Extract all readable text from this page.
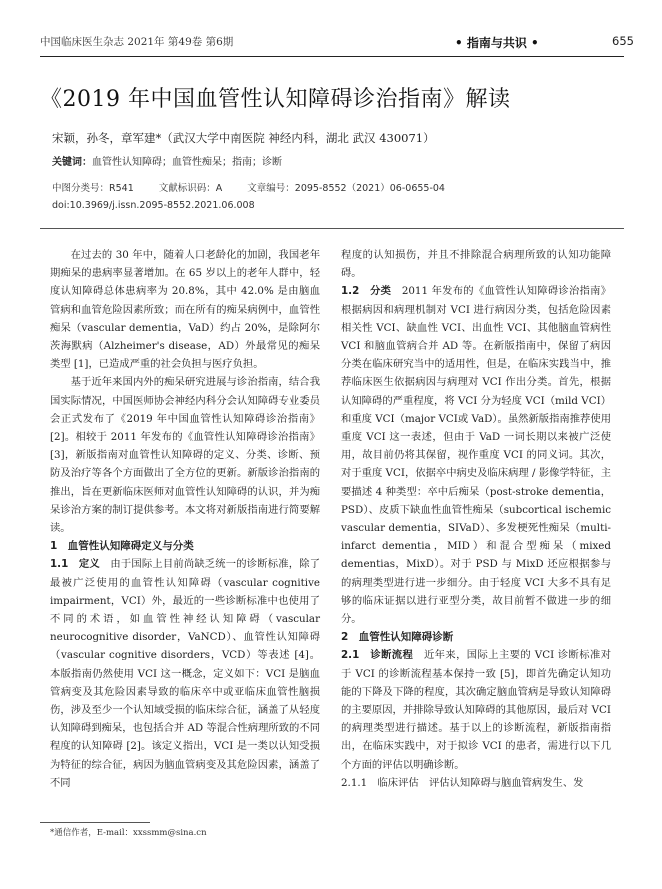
中国临床医生杂志 2021年 第49卷 第6期	• 指南与共识 •	655
《2019 年中国血管性认知障碍诊治指南》解读
宋颖，孙冬，章军建*（武汉大学中南医院 神经内科，湖北 武汉 430071）
关键词：血管性认知障碍；血管性痴呆；指南；诊断
中图分类号：R541	文献标识码：A	文章编号：2095-8552（2021）06-0655-04
doi:10.3969/j.issn.2095-8552.2021.06.008

在过去的 30 年中，随着人口老龄化的加剧，我国老年期痴呆的患病率显著增加。在 65 岁以上的老年人群中，轻度认知障碍总体患病率为 20.8%，其中 42.0% 是由脑血管病和血管危险因素所致；而在所有的痴呆病例中，血管性痴呆（vascular dementia，VaD）约占 20%，是除阿尔茨海默病（Alzheimer's disease，AD）外最常见的痴呆类型 [1]，已造成严重的社会负担与医疗负担。

基于近年来国内外的痴呆研究进展与诊治指南，结合我国实际情况，中国医师协会神经内科分会认知障碍专业委员会正式发布了《2019 年中国血管性认知障碍诊治指南》[2]。相较于 2011 年发布的《血管性认知障碍诊治指南》[3]，新版指南对血管性认知障碍的定义、分类、诊断、预防及治疗等各个方面做出了全方位的更新。新版诊治指南的推出，旨在更新临床医师对血管性认知障碍的认识，并为痴呆诊治方案的制订提供参考。本文将对新版指南进行简要解读。

1　血管性认知障碍定义与分类

1.1　定义　 由于国际上目前尚缺乏统一的诊断标准，除了最被广泛使用的血管性认知障碍（vascular cognitive impairment，VCI）外，最近的一些诊断标准中也使用了不同的术语，如血管性神经认知障碍（vascular neurocognitive disorder，VaNCD）、血管性认知障碍（vascular cognitive disorders，VCD）等表述 [4]。本版指南仍然使用 VCI 这一概念，定义如下：VCI 是脑血管病变及其危险因素导致的临床卒中或亚临床血管性脑损伤，涉及至少一个认知域受损的临床综合征，涵盖了从轻度认知障碍到痴呆，也包括合并 AD 等混合性病理所致的不同程度的认知障碍 [2]。该定义指出，VCI 是一类以认知受损为特征的综合征，病因为脑血管病变及其危险因素，涵盖了不同

程度的认知损伤，并且不排除混合病理所致的认知功能障碍。

1.2　分类　 2011 年发布的《血管性认知障碍诊治指南》根据病因和病理机制对 VCI 进行病因分类，包括危险因素相关性 VCI、缺血性 VCI、出血性 VCI、其他脑血管病性 VCI 和脑血管病合并 AD 等。在新版指南中，保留了病因分类在临床研究当中的适用性，但是，在临床实践当中，推荐临床医生依据病因与病理对 VCI 作出分类。首先，根据认知障碍的严重程度，将 VCI 分为轻度 VCI（mild VCI）和重度 VCI（major VCI或 VaD）。虽然新版指南推荐使用重度 VCI 这一表述，但由于 VaD 一词长期以来被广泛使用，故目前仍将其保留，视作重度 VCI 的同义词。其次，对于重度 VCI，依据卒中病史及临床病理 / 影像学特征，主要描述 4 种类型：卒中后痴呆（post-stroke dementia，PSD）、皮质下缺血性血管性痴呆（subcortical ischemic vascular dementia，SIVaD）、多发梗死性痴呆（multi-infarct dementia，MID）和混合型痴呆（mixed dementias，MixD）。对于 PSD 与 MixD 还应根据参与的病理类型进行进一步细分。由于轻度 VCI 大多不具有足够的临床证据以进行亚型分类，故目前暂不做进一步的细分。

2　血管性认知障碍诊断

2.1　诊断流程　 近年来，国际上主要的 VCI 诊断标准对于 VCI 的诊断流程基本保持一致 [5]，即首先确定认知功能的下降及下降的程度，其次确定脑血管病是导致认知障碍的主要原因，并排除导致认知障碍的其他原因，最后对 VCI 的病理类型进行描述。基于以上的诊断流程，新版指南指出，在临床实践中，对于拟诊 VCI 的患者，需进行以下几个方面的评估以明确诊断。

2.1.1　临床评估　 评估认知障碍与脑血管病发生、发

*通信作者，E-mail：xxssmm@sina.cn
